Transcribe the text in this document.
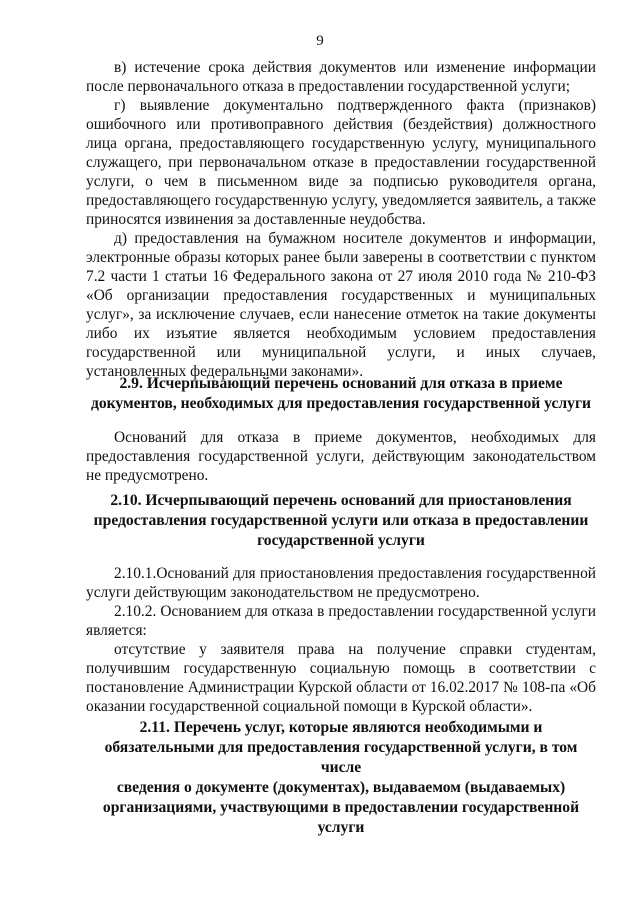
9

в) истечение срока действия документов или изменение информации после первоначального отказа в предоставлении государственной услуги;

г) выявление документально подтвержденного факта (признаков) ошибочного или противоправного действия (бездействия) должностного лица органа, предоставляющего государственную услугу, муниципального служащего, при первоначальном отказе в предоставлении государственной услуги, о чем в письменном виде за подписью руководителя органа, предоставляющего государственную услугу, уведомляется заявитель, а также приносятся извинения за доставленные неудобства.

д) предоставления на бумажном носителе документов и информации, электронные образы которых ранее были заверены в соответствии с пунктом 7.2 части 1 статьи 16 Федерального закона от 27 июля 2010 года № 210-ФЗ «Об организации предоставления государственных и муниципальных услуг», за исключение случаев, если нанесение отметок на такие документы либо их изъятие является необходимым условием предоставления государственной или муниципальной услуги, и иных случаев, установленных федеральными законами».

2.9. Исчерпывающий перечень оснований для отказа в приеме
документов, необходимых для предоставления государственной услуги

Оснований для отказа в приеме документов, необходимых для предоставления государственной услуги, действующим законодательством не предусмотрено.

2.10. Исчерпывающий перечень оснований для приостановления
предоставления государственной услуги или отказа в предоставлении
государственной услуги

2.10.1.Оснований для приостановления предоставления государственной услуги действующим законодательством не предусмотрено.

2.10.2. Основанием для отказа в предоставлении государственной услуги является:

отсутствие у заявителя права на получение справки студентам, получившим государственную социальную помощь в соответствии с постановление Администрации Курской области от 16.02.2017 № 108-па «Об оказании государственной социальной помощи в Курской области».

2.11. Перечень услуг, которые являются необходимыми и
обязательными для предоставления государственной услуги, в том числе
сведения о документе (документах), выдаваемом (выдаваемых)
организациями, участвующими в предоставлении государственной услуги
